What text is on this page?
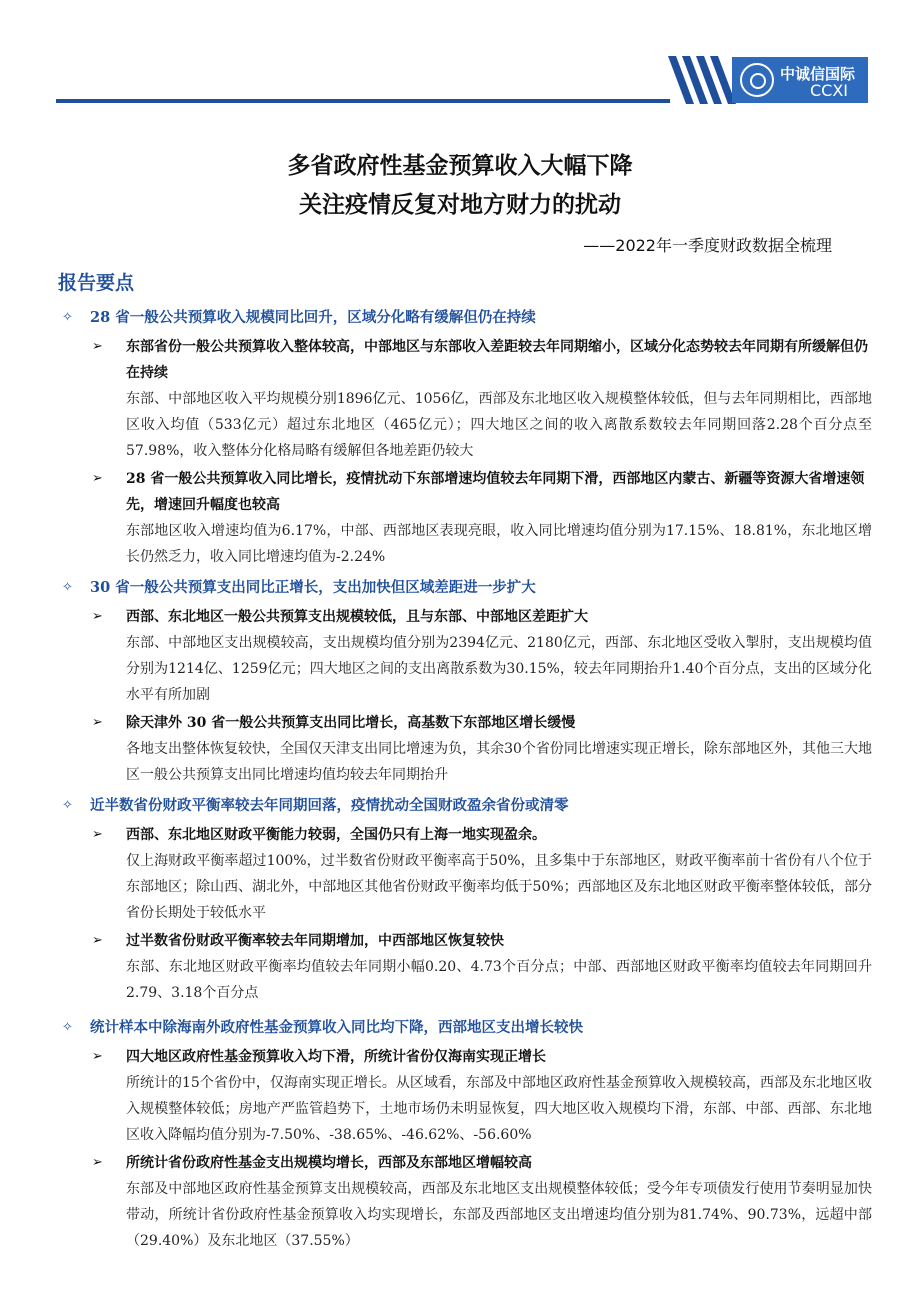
中诚信国际
CCXI
多省政府性基金预算收入大幅下降
关注疫情反复对地方财力的扰动
——2022年一季度财政数据全梳理
报告要点
✧	28 省一般公共预算收入规模同比回升，区域分化略有缓解但仍在持续
➢	东部省份一般公共预算收入整体较高，中部地区与东部收入差距较去年同期缩小，区域分化态势较去年同期有所缓解但仍在持续
东部、中部地区收入平均规模分别1896亿元、1056亿，西部及东北地区收入规模整体较低，但与去年同期相比，西部地区收入均值（533亿元）超过东北地区（465亿元）；四大地区之间的收入离散系数较去年同期回落2.28个百分点至57.98%，收入整体分化格局略有缓解但各地差距仍较大
➢	28 省一般公共预算收入同比增长，疫情扰动下东部增速均值较去年同期下滑，西部地区内蒙古、新疆等资源大省增速领先，增速回升幅度也较高
东部地区收入增速均值为6.17%，中部、西部地区表现亮眼，收入同比增速均值分别为17.15%、18.81%，东北地区增长仍然乏力，收入同比增速均值为-2.24%
✧	30 省一般公共预算支出同比正增长，支出加快但区域差距进一步扩大
➢	西部、东北地区一般公共预算支出规模较低，且与东部、中部地区差距扩大
东部、中部地区支出规模较高，支出规模均值分别为2394亿元、2180亿元，西部、东北地区受收入掣肘，支出规模均值分别为1214亿、1259亿元；四大地区之间的支出离散系数为30.15%，较去年同期抬升1.40个百分点，支出的区域分化水平有所加剧
➢	除天津外 30 省一般公共预算支出同比增长，高基数下东部地区增长缓慢
各地支出整体恢复较快，全国仅天津支出同比增速为负，其余30个省份同比增速实现正增长，除东部地区外，其他三大地区一般公共预算支出同比增速均值均较去年同期抬升
✧	近半数省份财政平衡率较去年同期回落，疫情扰动全国财政盈余省份或清零
➢	西部、东北地区财政平衡能力较弱，全国仍只有上海一地实现盈余。
仅上海财政平衡率超过100%，过半数省份财政平衡率高于50%，且多集中于东部地区，财政平衡率前十省份有八个位于东部地区；除山西、湖北外，中部地区其他省份财政平衡率均低于50%；西部地区及东北地区财政平衡率整体较低，部分省份长期处于较低水平
➢	过半数省份财政平衡率较去年同期增加，中西部地区恢复较快
东部、东北地区财政平衡率均值较去年同期小幅0.20、4.73个百分点；中部、西部地区财政平衡率均值较去年同期回升2.79、3.18个百分点
✧	统计样本中除海南外政府性基金预算收入同比均下降，西部地区支出增长较快
➢	四大地区政府性基金预算收入均下滑，所统计省份仅海南实现正增长
所统计的15个省份中，仅海南实现正增长。从区域看，东部及中部地区政府性基金预算收入规模较高，西部及东北地区收入规模整体较低；房地产严监管趋势下，土地市场仍未明显恢复，四大地区收入规模均下滑，东部、中部、西部、东北地区收入降幅均值分别为-7.50%、-38.65%、-46.62%、-56.60%
➢	所统计省份政府性基金支出规模均增长，西部及东部地区增幅较高
东部及中部地区政府性基金预算支出规模较高，西部及东北地区支出规模整体较低；受今年专项债发行使用节奏明显加快带动，所统计省份政府性基金预算收入均实现增长，东部及西部地区支出增速均值分别为81.74%、90.73%，远超中部（29.40%）及东北地区（37.55%）
